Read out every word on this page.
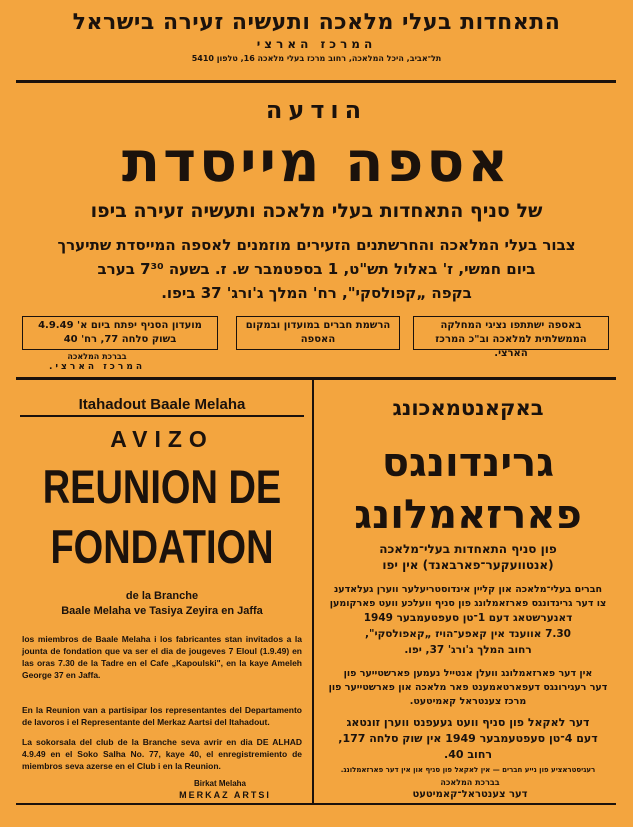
התאחדות בעלי מלאכה ותעשיה זעירה בישראל
המרכז הארצי
תל־אביב, היכל המלאכה, רחוב מרכז בעלי מלאכה 16, טלפון 5410
הודעה
אספה מייסדת
של סניף התאחדות בעלי מלאכה ותעשיה זעירה ביפו
צבור בעלי המלאכה והחרשתנים הזעירים מוזמנים לאספה המייסדת שתיערך
ביום חמשי, ז' באלול תש"ט, 1 בספטמבר ש. ז. בשעה 7³⁰ בערב
בקפה „קפולסקי", רח' המלך ג'ורג' 37 ביפו.
באספה ישתתפו נציגי המחלקה הממשלתית למלאכה וב"כ המרכז הארצי.
הרשמת חברים במועדון ובמקום האספה
מועדון הסניף יפתח ביום א' 4.9.49 בשוק סלחה 77, רח' 40
בברכת המלאכה
המרכז הארצי.
Itahadout Baale Melaha
AVIZO
REUNION DE
FONDATION
de la Branche
Baale Melaha ve Tasiya Zeyira en Jaffa
los miembros de Baale Melaha i los fabricantes stan invitados a la jounta de fondation que va ser el dia de jougeves 7 Eloul (1.9.49) en las oras 7.30 de la Tadre en el Cafe „Kapoulski", en la kaye Ameleh George 37 en Jaffa.
En la Reunion van a partisipar los representantes del Departamento de lavoros i el Representante del Merkaz Aartsi del Itahadout.
La sokorsala del club de la Branche seva avrir en dia DE ALHAD 4.9.49 en el Soko Salha No. 77, kaye 40, el enregistremiento de miembros seva azerse en el Club i en la Reunion.
Birkat Melaha
MERKAZ ARTSI
באקאנטמאכונג
גרינדונגס
פארזאמלונג
פון סניף התאחדות בעלי־מלאכה
(אנטוועקער־פארבאנד) אין יפו
חברים בעלי־מלאכה און קליין אינדוסטריעלער ווערן געלאדענ
צו דער גרינדונגס פארזאמלונג פון סניף וועלכע וועט פארקומען
דאנערשטאג דעם 1־טן סעפטעמבער 1949
7.30 אווענד אין קאפע־הויז „קאפולסקי",
רחוב המלך ג'ורג' 37, יפו.
אין דער פארזאמלונג וועלן אנטייל נעמען פארשטייער פון
דער רעגירונגס דעפארטאמענט פאר מלאכה און פארשטייער פון
מרכז צענטראל קאמיטעט.
דער לאקאל פון סניף וועט געעפנט ווערן זונטאג
דעם 4־טן סעפטעמבער 1949 אין שוק סלחה 177,
רחוב 40.
רעגיסטראציע פון נייע חברים — אין לאקאל פון סניף און אין דער פארזאמלונג.
בברכת המלאכה
דער צענטראל־קאמיטעט
